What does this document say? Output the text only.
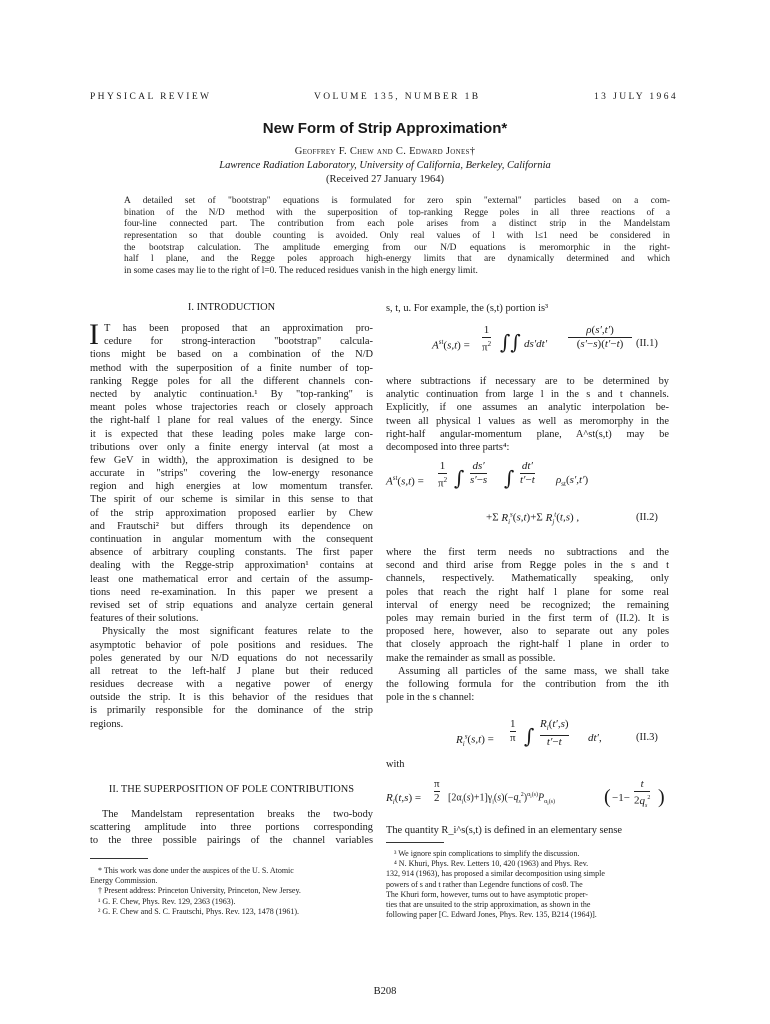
PHYSICAL REVIEW	VOLUME 135, NUMBER 1B	13 JULY 1964
New Form of Strip Approximation*
Geoffrey F. Chew and C. Edward Jones†
Lawrence Radiation Laboratory, University of California, Berkeley, California
(Received 27 January 1964)
A detailed set of "bootstrap" equations is formulated for zero spin "external" particles based on a com-
bination of the N/D method with the superposition of top-ranking Regge poles in all three reactions of a
four-line connected part. The contribution from each pole arises from a distinct strip in the Mandelstam
representation so that double counting is avoided. Only real values of l with l≤1 need be considered in
the bootstrap calculation. The amplitude emerging from our N/D equations is meromorphic in the right-
half l plane, and the Regge poles approach high-energy limits that are dynamically determined and which
in some cases may lie to the right of l=0. The reduced residues vanish in the high energy limit.
I. INTRODUCTION
I T has been proposed that an approximation pro-
cedure for strong-interaction "bootstrap" calcula-
tions might be based on a combination of the N/D
method with the superposition of a finite number of top-
ranking Regge poles for all the different channels con-
nected by analytic continuation.¹ By "top-ranking" is
meant poles whose trajectories reach or closely approach
the right-half l plane for real values of the energy. Since
it is expected that these leading poles make large con-
tributions over only a finite energy interval (at most a
few GeV in width), the approximation is designed to be
accurate in "strips" covering the low-energy resonance
region and high energies at low momentum transfer.
The spirit of our scheme is similar in this sense to that
of the strip approximation proposed earlier by Chew
and Frautschi² but differs through its dependence on
continuation in angular momentum with the consequent
absence of arbitrary coupling constants. The first paper
dealing with the Regge-strip approximation¹ contains at
least one mathematical error and certain of the assump-
tions need re-examination. In this paper we present a
revised set of strip equations and analyze certain general
features of their solutions.
Physically the most significant features relate to the
asymptotic behavior of pole positions and residues. The
poles generated by our N/D equations do not necessarily
all retreat to the left-half J plane but their reduced
residues decrease with a negative power of energy
outside the strip. It is this behavior of the residues that
is primarily responsible for the dominance of the strip
regions.
II. THE SUPERPOSITION OF POLE CONTRIBUTIONS
The Mandelstam representation breaks the two-body
scattering amplitude into three portions corresponding
to the three possible pairings of the channel variables
* This work was done under the auspices of the U. S. Atomic
Energy Commission.
† Present address: Princeton University, Princeton, New Jersey.
¹ G. F. Chew, Phys. Rev. 129, 2363 (1963).
² G. F. Chew and S. C. Frautschi, Phys. Rev. 123, 1478 (1961).
s, t, u. For example, the (s,t) portion is³
$A^{st}(s,t) = \frac{1}{\pi^2}$ ∫∫ $ds'dt' \frac{\rho(s',t')}{(s'-s)(t'-t)} (II.1)$
where subtractions if necessary are to be determined by
analytic continuation from large l in the s and t channels.
Explicitly, if one assumes an analytic interpolation be-
tween all physical l values as well as meromorphy in the
right-half angular-momentum plane, A^st(s,t) may be
decomposed into three parts⁴:
$A^{st}(s,t) = \frac{1}{\pi^2}$ ∫ $\frac{ds'}{s'-s}$ ∫ $\frac{dt'}{t'-t} \rho_{st}(s',t')$
+Σ $R_i^s(s,t)+\Sigma$ $R_j^t(t,s)$ ,	(II.2)
where the first term needs no subtractions and the
second and third arise from Regge poles in the s and t
channels, respectively. Mathematically speaking, only
poles that reach the right half l plane for some real
interval of energy need be recognized; the remaining
poles may remain buried in the first term of (II.2). It is
proposed here, however, also to separate out any poles
that closely approach the right-half l plane in order to
make the remainder as small as possible.
Assuming all particles of the same mass, we shall take
the following formula for the contribution from the ith
pole in the s channel:
$R_i^s(s,t) = \frac{1}{\pi}$ ∫ $\frac{R_i(t',s)}{t'-t} dt'$,	(II.3)
with
$R_i(t,s) = \frac{\pi}{2} [2\alpha_i(s)+1]\gamma_i(s)(-q_s^2)^{\alpha_i(s)}P_{\alpha_i(s)}$ ( $-1- \frac{t}{2q_s^2}$ )
The quantity R_i^s(s,t) is defined in an elementary sense
³ We ignore spin complications to simplify the discussion.
⁴ N. Khuri, Phys. Rev. Letters 10, 420 (1963) and Phys. Rev.
132, 914 (1963), has proposed a similar decomposition using simple
powers of s and t rather than Legendre functions of cosθ. The
The Khuri form, however, turns out to have asymptotic proper-
ties that are unsuited to the strip approximation, as shown in the
following paper [C. Edward Jones, Phys. Rev. 135, B214 (1964)].
B208
